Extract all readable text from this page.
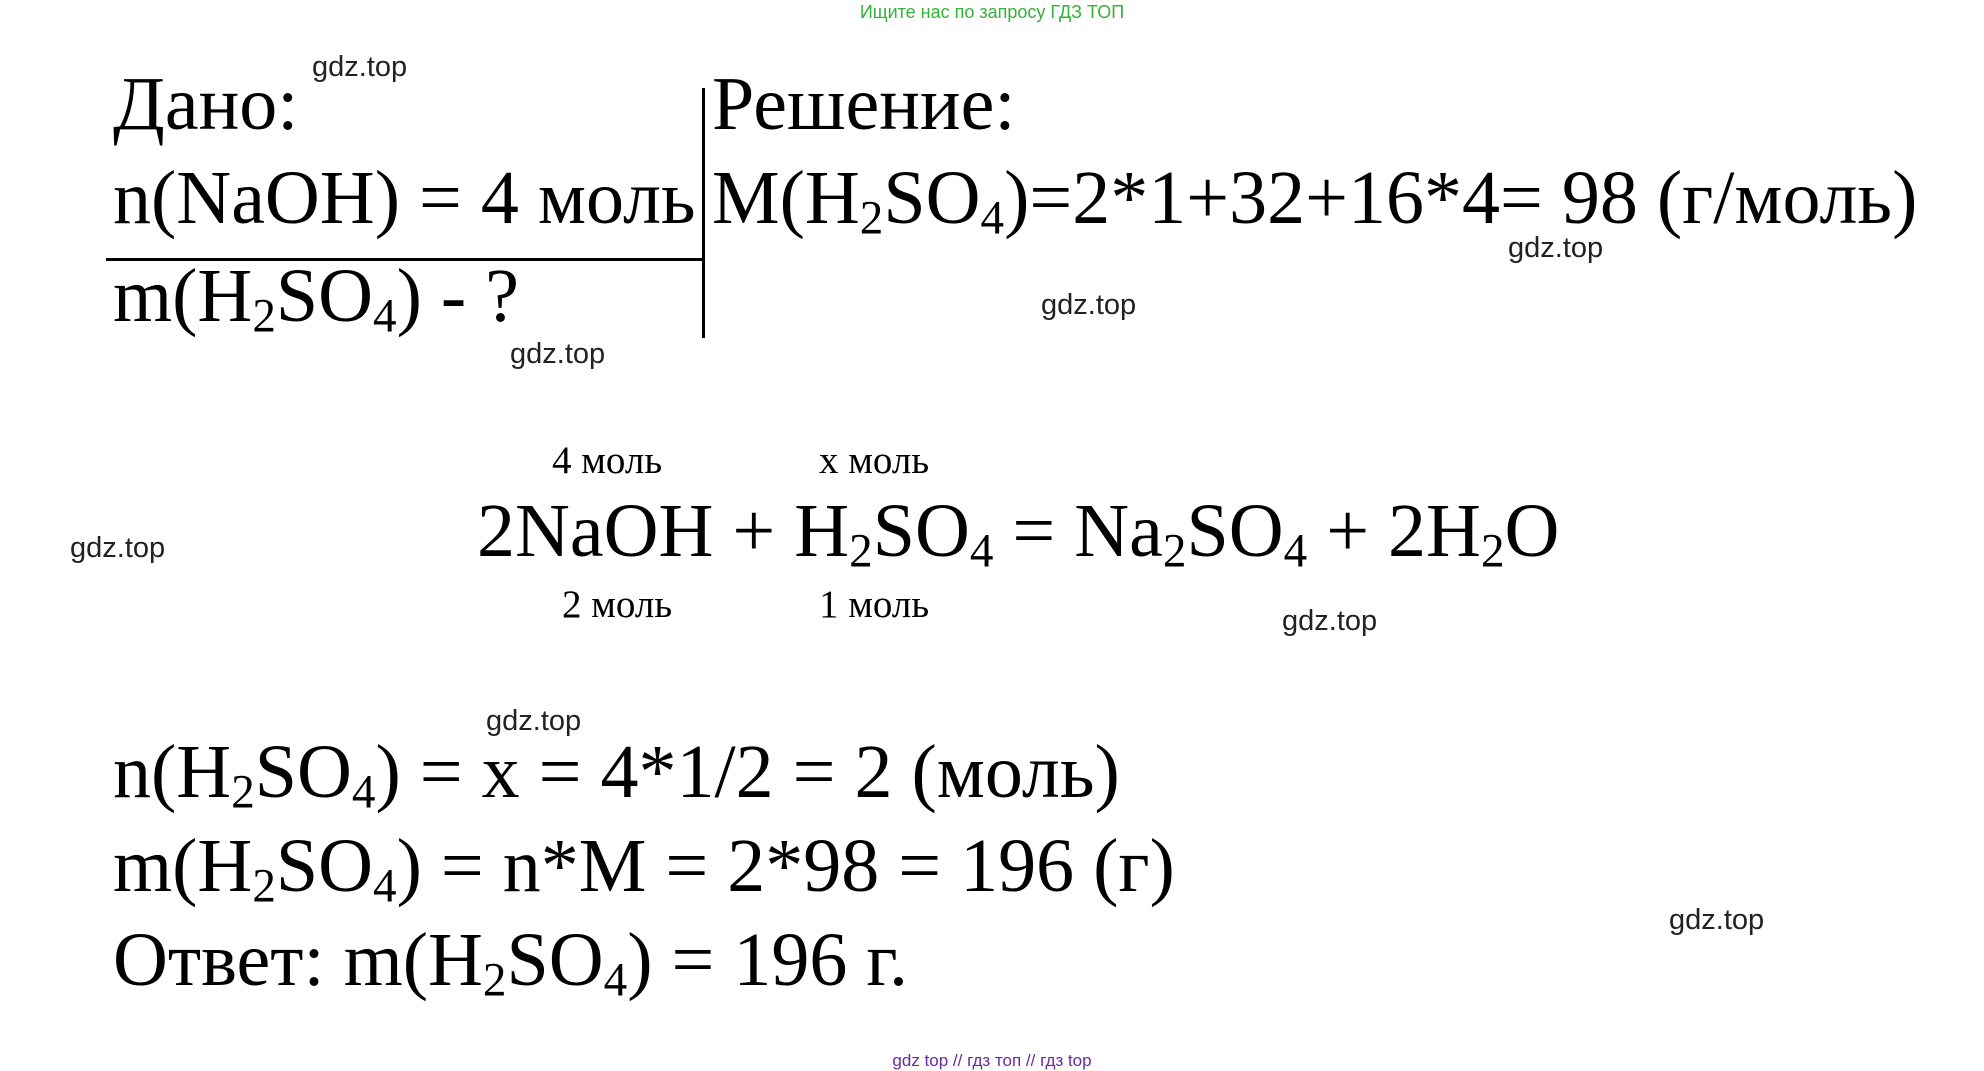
Ищите нас по запросу ГДЗ ТОП
Дано:
n(NaOH) = 4 моль
$m(H_2SO_4)$ - ?
Решение:
$M(H_2SO_4)=2*1+32+16*4= 98$ (г/моль)
4 моль	x моль
2NaOH + $H_2SO_4 = Na_2SO_4 + 2H_2O$
2 моль	1 моль
$n(H_2SO_4) = x = 4*1/2 = 2$ (моль)
$m(H_2SO_4) = n*M = 2*98 = 196$ (г)
Ответ: $m(H_2SO_4) = 196$ г.
gdz.top
gdz.top
gdz.top
gdz.top
gdz.top
gdz.top
gdz.top
gdz.top
gdz top // гдз топ // гдз top
